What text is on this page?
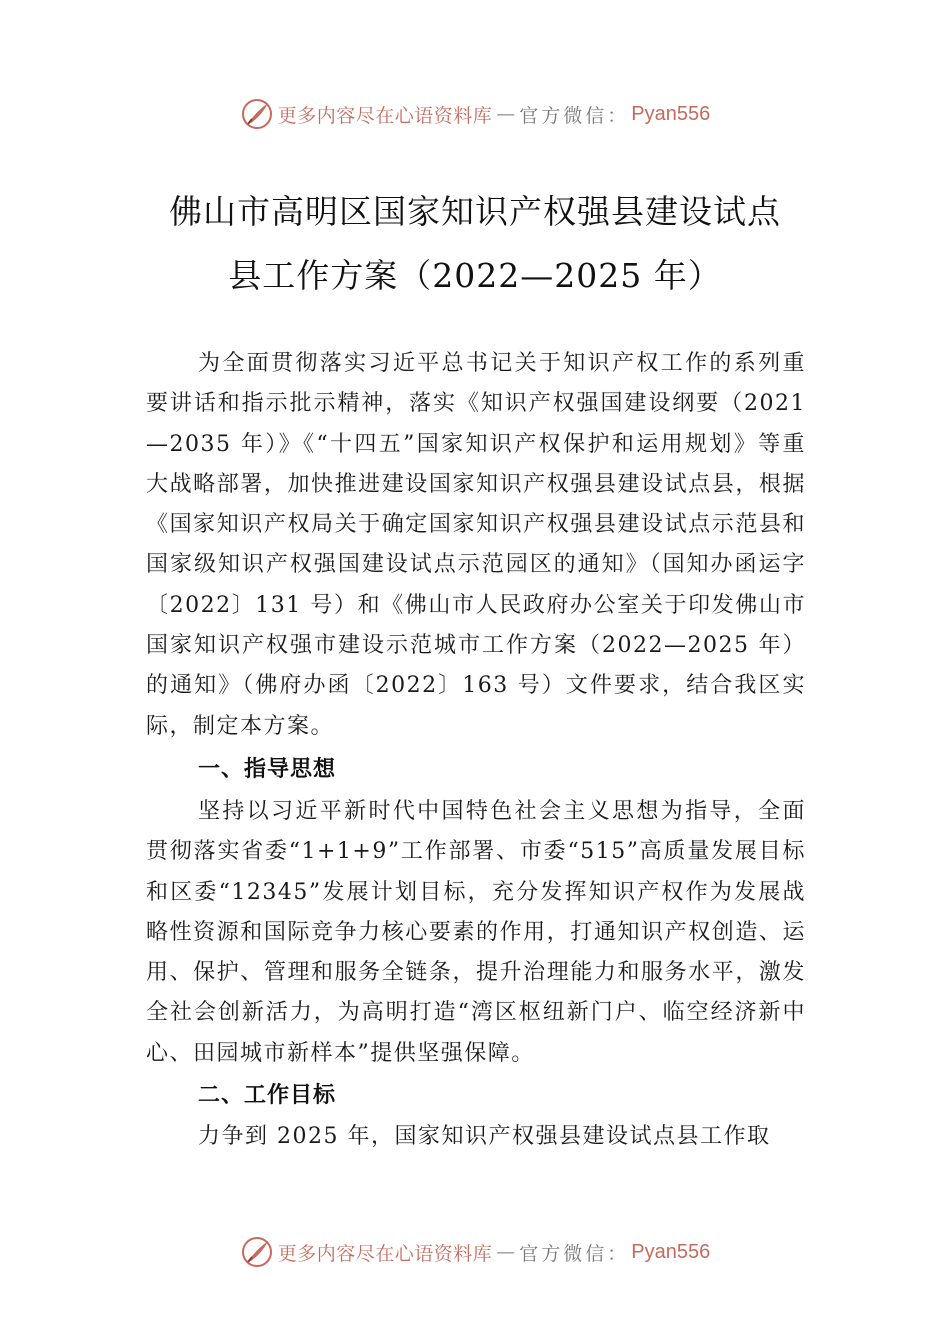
更多内容尽在心语资料库 — 官方微信： Pyan556
佛山市高明区国家知识产权强县建设试点
县工作方案（2022—2025 年）
为全面贯彻落实习近平总书记关于知识产权工作的系列重要讲话和指示批示精神，落实《知识产权强国建设纲要（2021—2035 年）》《“十四五”国家知识产权保护和运用规划》等重大战略部署，加快推进建设国家知识产权强县建设试点县，根据《国家知识产权局关于确定国家知识产权强县建设试点示范县和国家级知识产权强国建设试点示范园区的通知》（国知办函运字〔2022〕131 号）和《佛山市人民政府办公室关于印发佛山市国家知识产权强市建设示范城市工作方案（2022—2025 年）的通知》（佛府办函〔2022〕163 号）文件要求，结合我区实际，制定本方案。
一、指导思想
坚持以习近平新时代中国特色社会主义思想为指导，全面贯彻落实省委“1+1+9”工作部署、市委“515”高质量发展目标和区委“12345”发展计划目标，充分发挥知识产权作为发展战略性资源和国际竞争力核心要素的作用，打通知识产权创造、运用、保护、管理和服务全链条，提升治理能力和服务水平，激发全社会创新活力，为高明打造“湾区枢纽新门户、临空经济新中心、田园城市新样本”提供坚强保障。
二、工作目标
力争到 2025 年，国家知识产权强县建设试点县工作取
更多内容尽在心语资料库 — 官方微信： Pyan556
